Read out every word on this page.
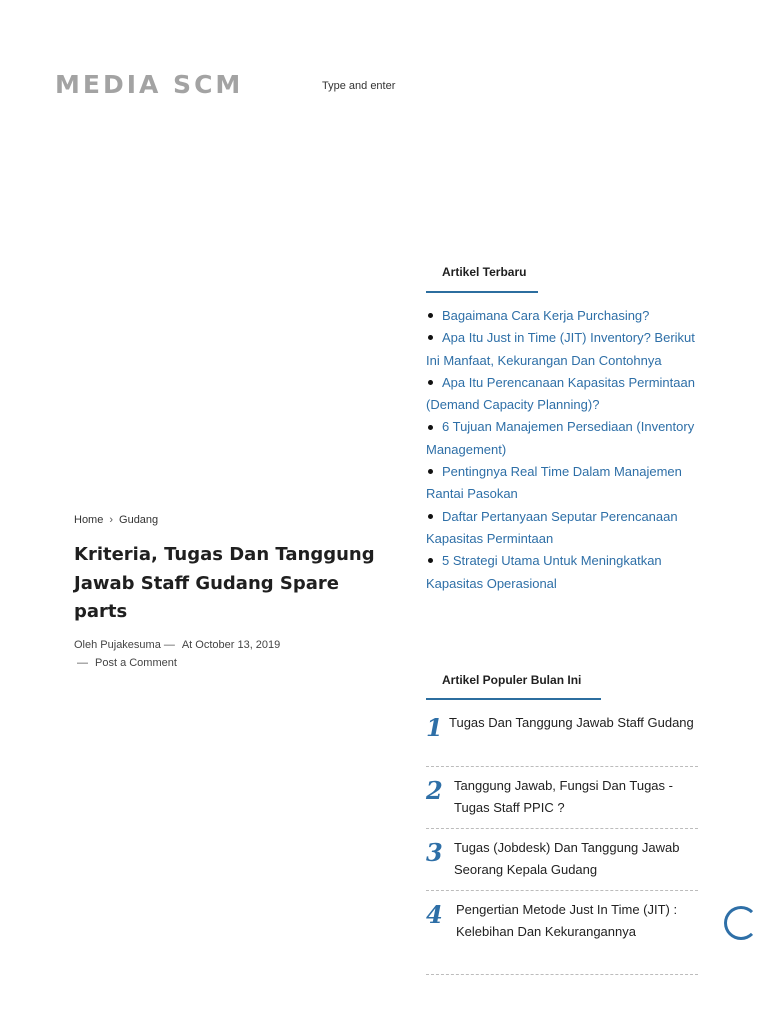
MEDIA SCM
Type and enter
Home › Gudang
Kriteria, Tugas Dan Tanggung Jawab Staff Gudang Spare parts
Oleh Pujakesuma — At October 13, 2019
— Post a Comment
Artikel Terbaru
Bagaimana Cara Kerja Purchasing?
Apa Itu Just in Time (JIT) Inventory? Berikut Ini Manfaat, Kekurangan Dan Contohnya
Apa Itu Perencanaan Kapasitas Permintaan (Demand Capacity Planning)?
6 Tujuan Manajemen Persediaan (Inventory Management)
Pentingnya Real Time Dalam Manajemen Rantai Pasokan
Daftar Pertanyaan Seputar Perencanaan Kapasitas Permintaan
5 Strategi Utama Untuk Meningkatkan Kapasitas Operasional
Artikel Populer Bulan Ini
1 Tugas Dan Tanggung Jawab Staff Gudang
2 Tanggung Jawab, Fungsi Dan Tugas - Tugas Staff PPIC ?
3 Tugas (Jobdesk) Dan Tanggung Jawab Seorang Kepala Gudang
4 Pengertian Metode Just In Time (JIT) : Kelebihan Dan Kekurangannya
